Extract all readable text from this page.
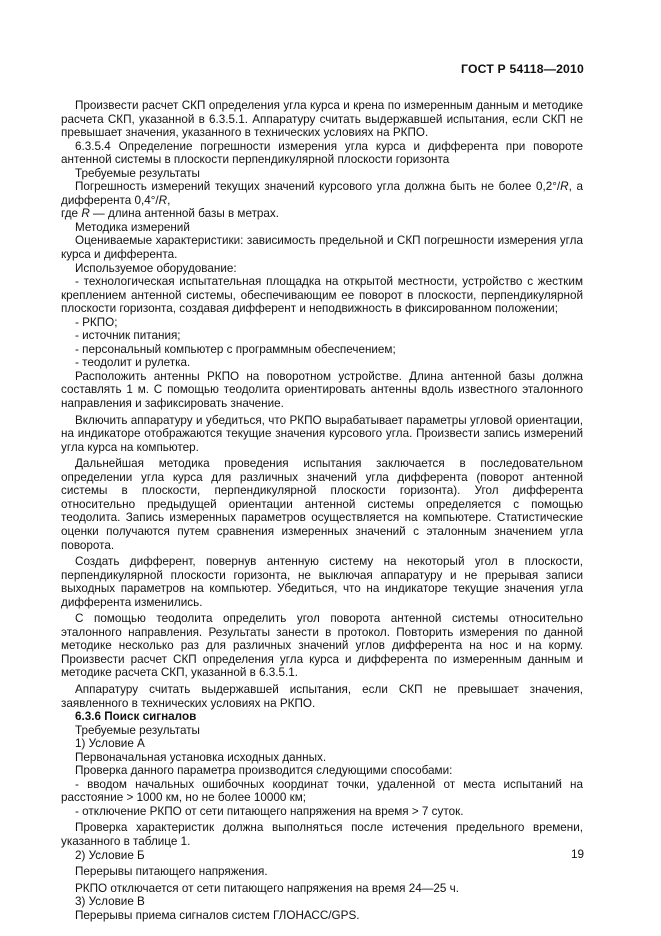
ГОСТ Р 54118—2010

Произвести расчет СКП определения угла курса и крена по измеренным данным и методике расчета СКП, указанной в 6.3.5.1. Аппаратуру считать выдержавшей испытания, если СКП не превышает значения, указанного в технических условиях на РКПО.

6.3.5.4 Определение погрешности измерения угла курса и дифферента при повороте антенной системы в плоскости перпендикулярной плоскости горизонта

Требуемые результаты

Погрешность измерений текущих значений курсового угла должна быть не более 0,2°/R, а дифферента 0,4°/R,

где R — длина антенной базы в метрах.

Методика измерений

Оцениваемые характеристики: зависимость предельной и СКП погрешности измерения угла курса и дифферента.

Используемое оборудование:

- технологическая испытательная площадка на открытой местности, устройство с жестким креплением антенной системы, обеспечивающим ее поворот в плоскости, перпендикулярной плоскости горизонта, создавая дифферент и неподвижность в фиксированном положении;

- РКПО;

- источник питания;

- персональный компьютер с программным обеспечением;

- теодолит и рулетка.

Расположить антенны РКПО на поворотном устройстве. Длина антенной базы должна составлять 1 м. С помощью теодолита ориентировать антенны вдоль известного эталонного направления и зафиксировать значение.

Включить аппаратуру и убедиться, что РКПО вырабатывает параметры угловой ориентации, на индикаторе отображаются текущие значения курсового угла. Произвести запись измерений угла курса на компьютер.

Дальнейшая методика проведения испытания заключается в последовательном определении угла курса для различных значений угла дифферента (поворот антенной системы в плоскости, перпендикулярной плоскости горизонта). Угол дифферента относительно предыдущей ориентации антенной системы определяется с помощью теодолита. Запись измеренных параметров осуществляется на компьютере. Статистические оценки получаются путем сравнения измеренных значений с эталонным значением угла поворота.

Создать дифферент, повернув антенную систему на некоторый угол в плоскости, перпендикулярной плоскости горизонта, не выключая аппаратуру и не прерывая записи выходных параметров на компьютер. Убедиться, что на индикаторе текущие значения угла дифферента изменились.

С помощью теодолита определить угол поворота антенной системы относительно эталонного направления. Результаты занести в протокол. Повторить измерения по данной методике несколько раз для различных значений углов дифферента на нос и на корму. Произвести расчет СКП определения угла курса и дифферента по измеренным данным и методике расчета СКП, указанной в 6.3.5.1.

Аппаратуру считать выдержавшей испытания, если СКП не превышает значения, заявленного в технических условиях на РКПО.

6.3.6 Поиск сигналов

Требуемые результаты

1) Условие А

Первоначальная установка исходных данных.

Проверка данного параметра производится следующими способами:

- вводом начальных ошибочных координат точки, удаленной от места испытаний на расстояние > 1000 км, но не более 10000 км;

- отключение РКПО от сети питающего напряжения на время > 7 суток.

Проверка характеристик должна выполняться после истечения предельного времени, указанного в таблице 1.

2) Условие Б

Перерывы питающего напряжения.

РКПО отключается от сети питающего напряжения на время 24—25 ч.

3) Условие В

Перерывы приема сигналов систем ГЛОНАСС/GPS.

19
